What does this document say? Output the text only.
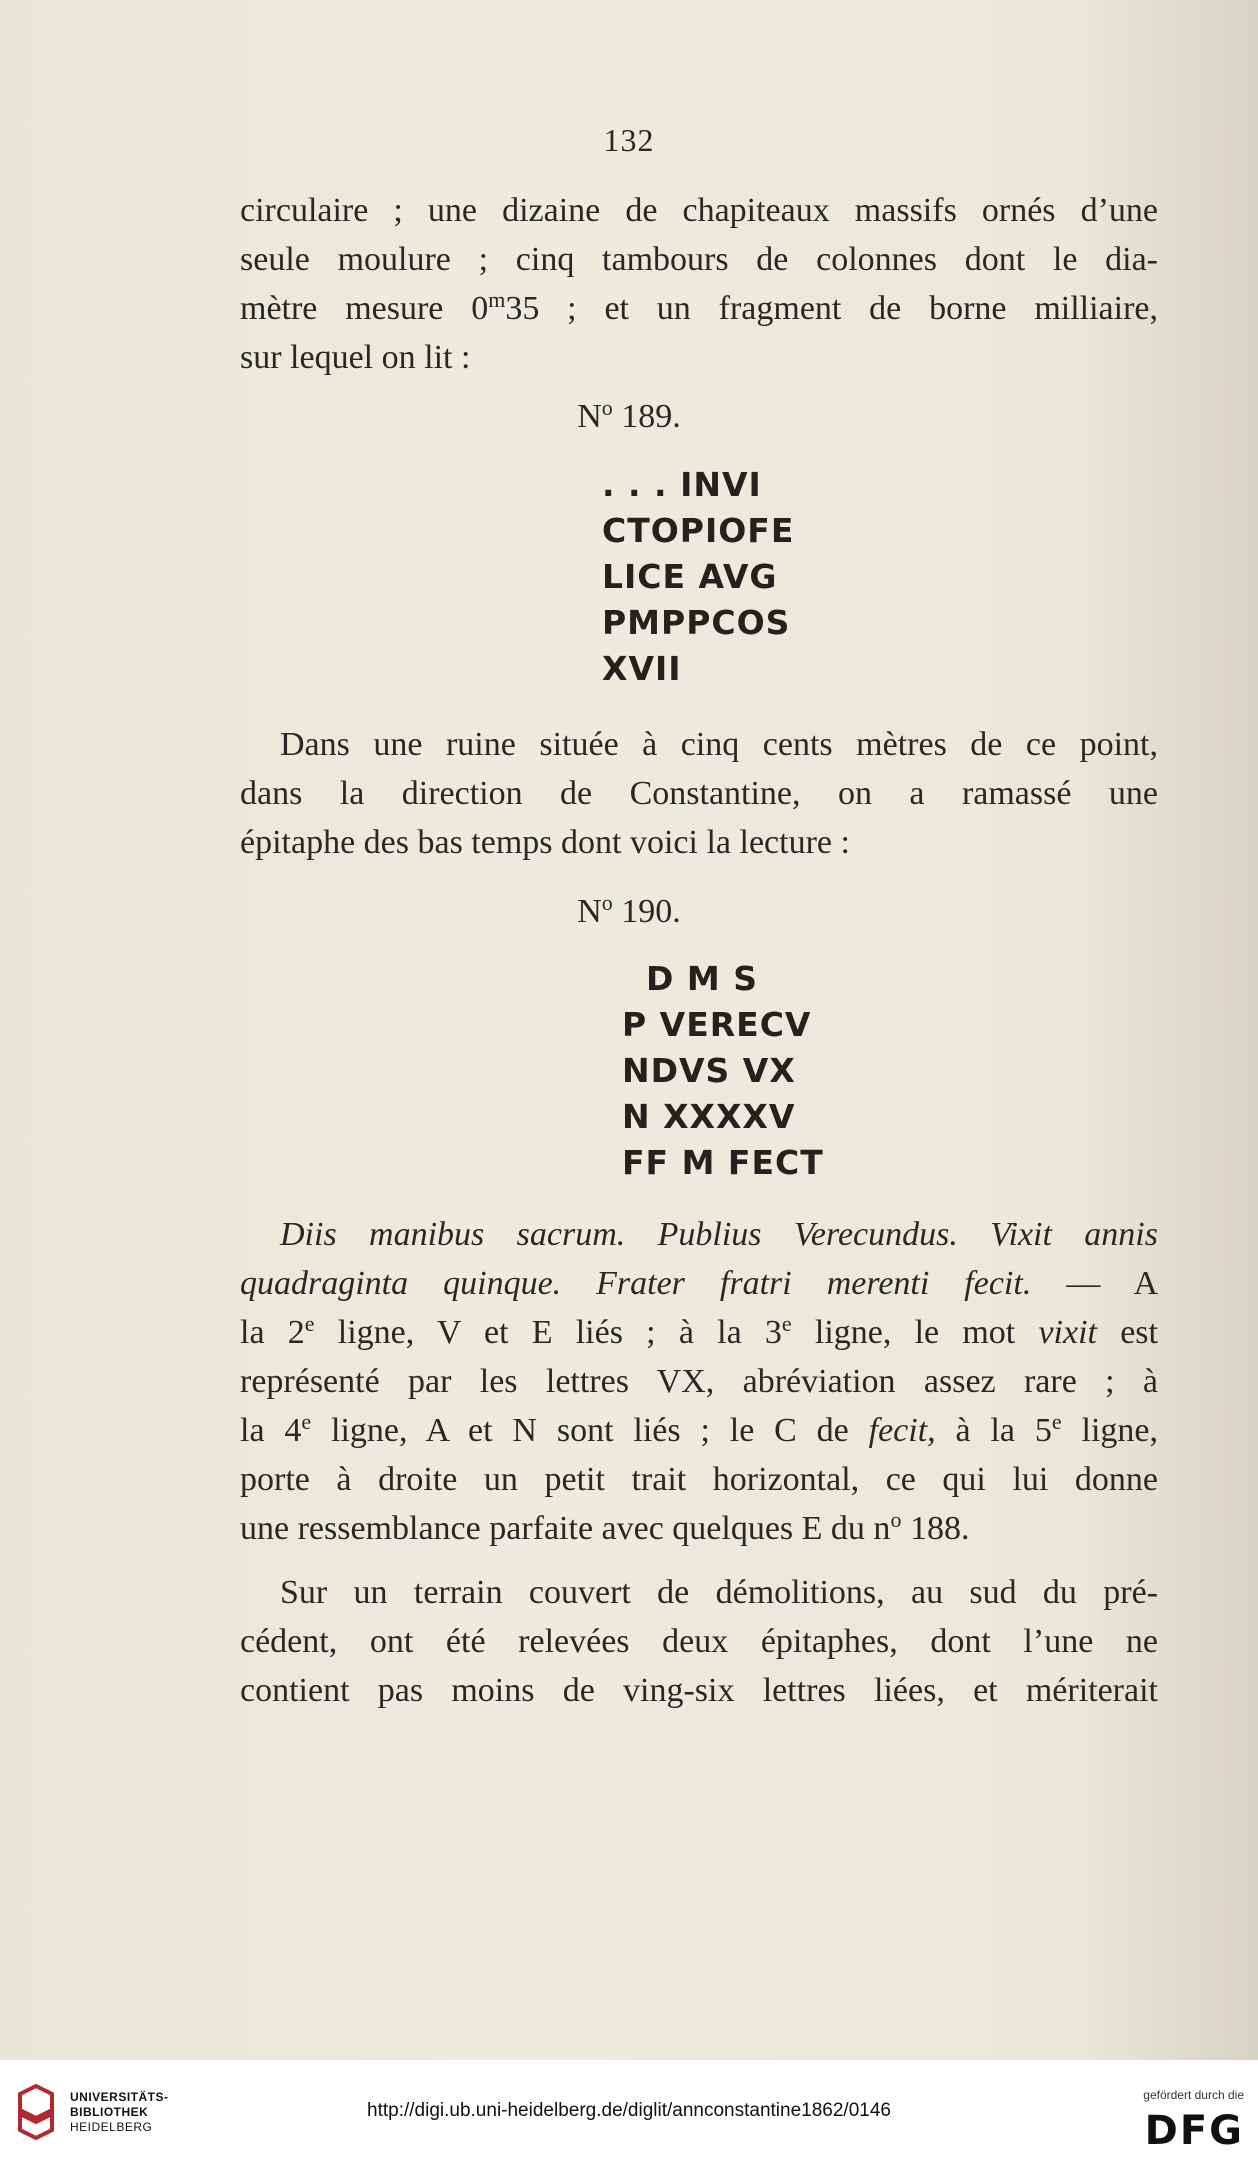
132

circulaire ; une dizaine de chapiteaux massifs ornés d’une

seule moulure ; cinq tambours de colonnes dont le dia-

mètre mesure 0$^m$35 ; et un fragment de borne milliaire,

sur lequel on lit :

$N^o$ 189.
. . . INVI
CTOPIOFE
LICE AVG
PMPPCOS
XVII

Dans une ruine située à cinq cents mètres de ce point,

dans la direction de Constantine, on a ramassé une

épitaphe des bas temps dont voici la lecture :

$N^o$ 190.
D M S
P VERECV
NDVS VX
N XXXXV
FF M FECT

Diis manibus sacrum. Publius Verecundus. Vixit annis

quadraginta quinque. Frater fratri merenti fecit. — A

la 2e ligne, V et E liés ; à la 3e ligne, le mot vixit est

représenté par les lettres VX, abréviation assez rare ; à

la 4e ligne, A et N sont liés ; le C de fecit, à la 5e ligne,

porte à droite un petit trait horizontal, ce qui lui donne

une ressemblance parfaite avec quelques E du $n^o$ 188.

Sur un terrain couvert de démolitions, au sud du pré-

cédent, ont été relevées deux épitaphes, dont l’une ne

contient pas moins de ving-six lettres liées, et mériterait

UNIVERSITÄTS-
BIBLIOTHEK
HEIDELBERG
http://digi.ub.uni-heidelberg.de/diglit/annconstantine1862/0146
gefördert durch die
DFG
